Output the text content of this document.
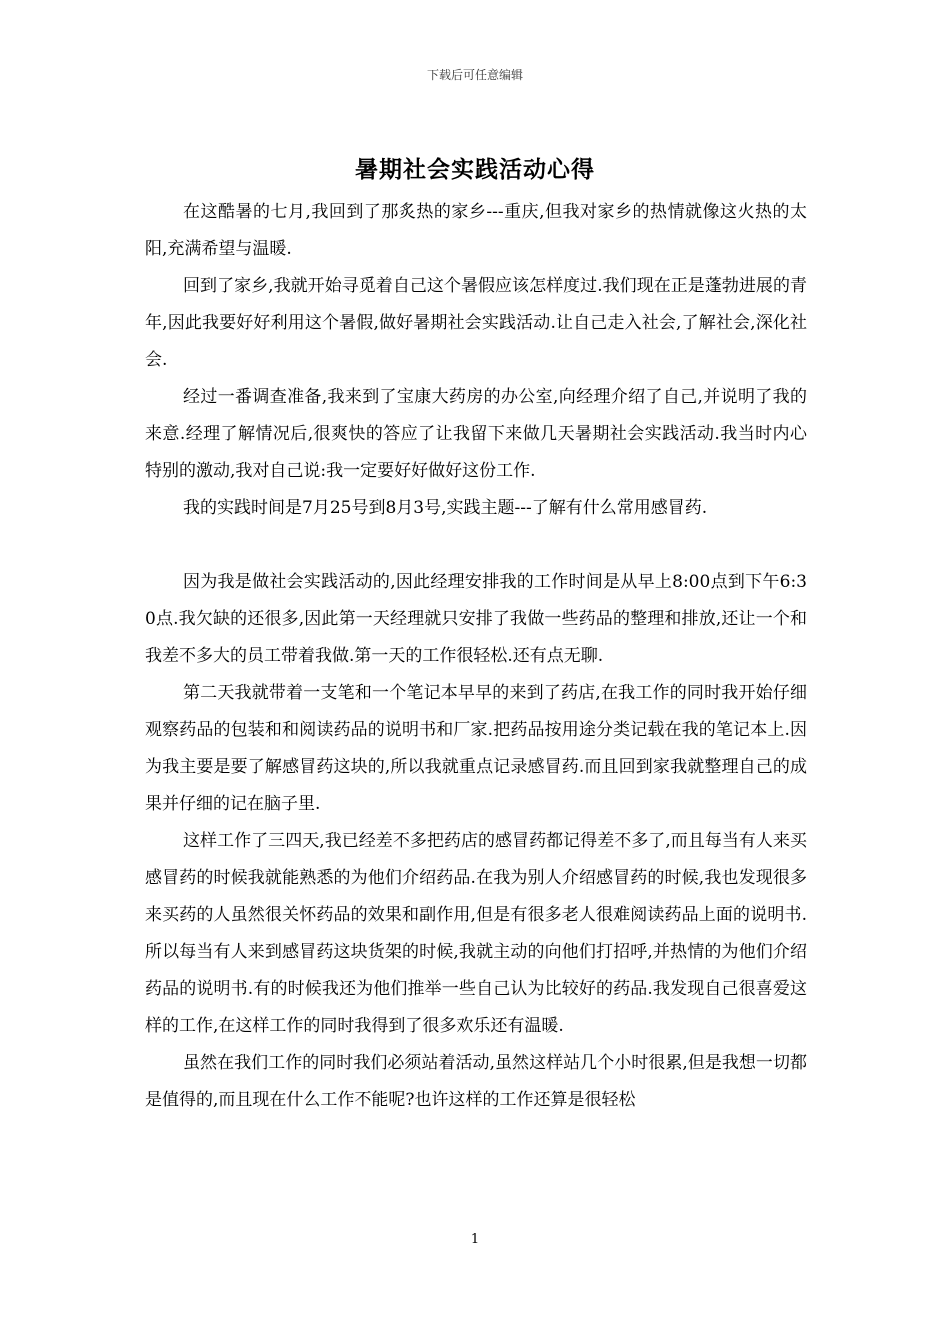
下载后可任意编辑
暑期社会实践活动心得

在这酷暑的七月,我回到了那炙热的家乡---重庆,但我对家乡的热情就像这火热的太阳,充满希望与温暖.

回到了家乡,我就开始寻觅着自己这个暑假应该怎样度过.我们现在正是蓬勃进展的青年,因此我要好好利用这个暑假,做好暑期社会实践活动.让自己走入社会,了解社会,深化社会.

经过一番调查准备,我来到了宝康大药房的办公室,向经理介绍了自己,并说明了我的来意.经理了解情况后,很爽快的答应了让我留下来做几天暑期社会实践活动.我当时内心特别的激动,我对自己说:我一定要好好做好这份工作.

我的实践时间是7月25号到8月3号,实践主题---了解有什么常用感冒药.

因为我是做社会实践活动的,因此经理安排我的工作时间是从早上8:00点到下午6:30点.我欠缺的还很多,因此第一天经理就只安排了我做一些药品的整理和排放,还让一个和我差不多大的员工带着我做.第一天的工作很轻松.还有点无聊.

第二天我就带着一支笔和一个笔记本早早的来到了药店,在我工作的同时我开始仔细观察药品的包装和和阅读药品的说明书和厂家.把药品按用途分类记载在我的笔记本上.因为我主要是要了解感冒药这块的,所以我就重点记录感冒药.而且回到家我就整理自己的成果并仔细的记在脑子里.

这样工作了三四天,我已经差不多把药店的感冒药都记得差不多了,而且每当有人来买感冒药的时候我就能熟悉的为他们介绍药品.在我为别人介绍感冒药的时候,我也发现很多来买药的人虽然很关怀药品的效果和副作用,但是有很多老人很难阅读药品上面的说明书.所以每当有人来到感冒药这块货架的时候,我就主动的向他们打招呼,并热情的为他们介绍药品的说明书.有的时候我还为他们推举一些自己认为比较好的药品.我发现自己很喜爱这样的工作,在这样工作的同时我得到了很多欢乐还有温暖.

虽然在我们工作的同时我们必须站着活动,虽然这样站几个小时很累,但是我想一切都是值得的,而且现在什么工作不能呢?也许这样的工作还算是很轻松

1
